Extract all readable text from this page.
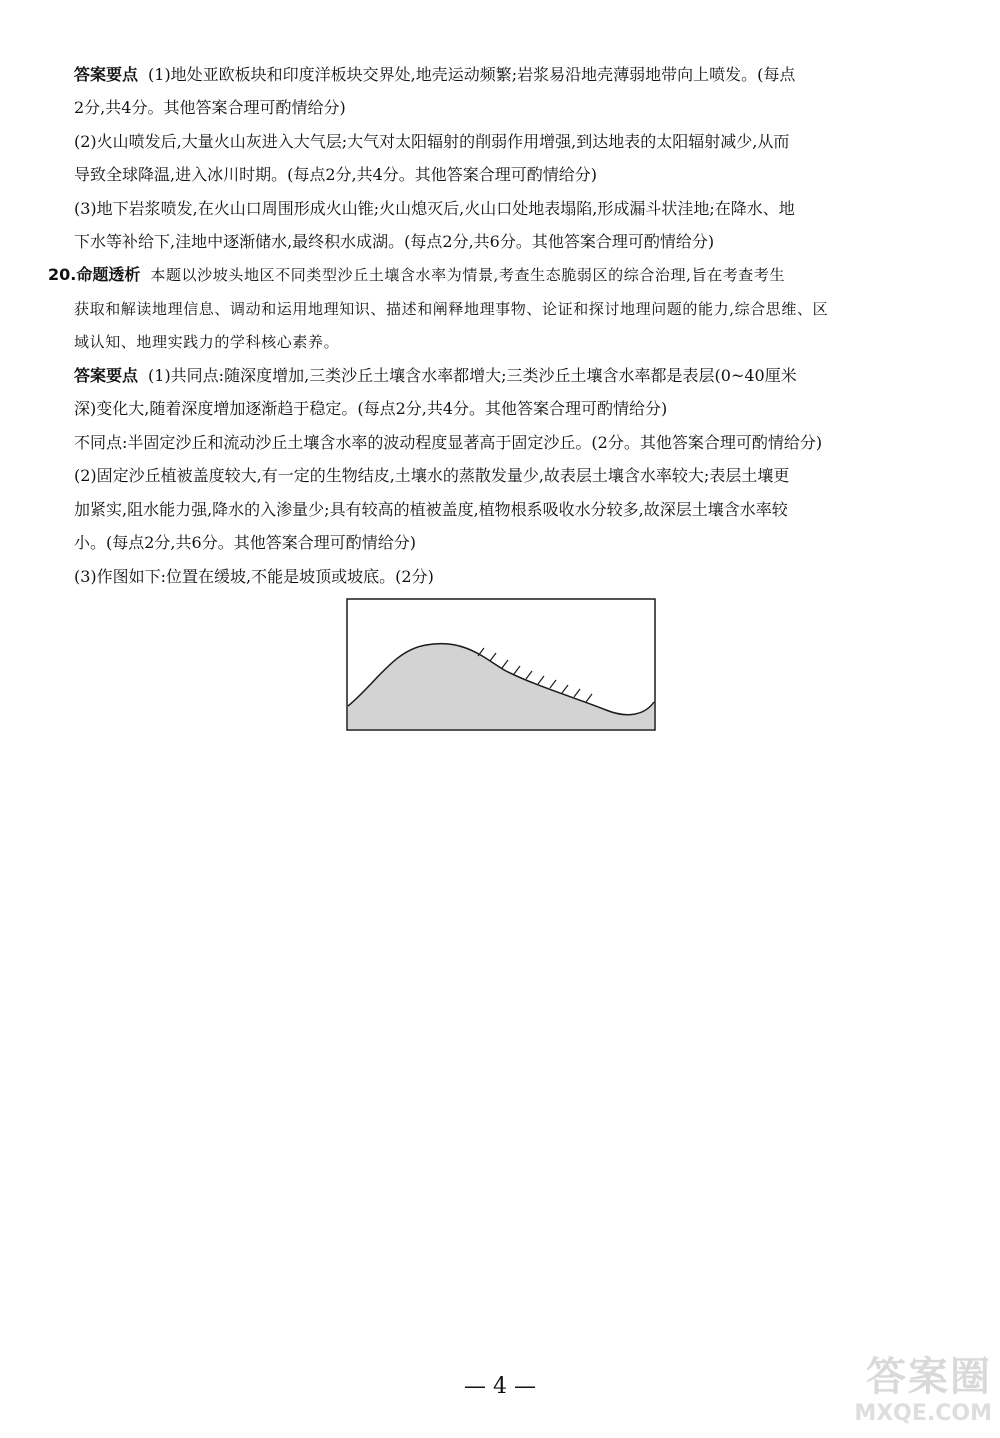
答案要点 (1)地处亚欧板块和印度洋板块交界处,地壳运动频繁;岩浆易沿地壳薄弱地带向上喷发。(每点
2分,共4分。其他答案合理可酌情给分)
(2)火山喷发后,大量火山灰进入大气层;大气对太阳辐射的削弱作用增强,到达地表的太阳辐射减少,从而
导致全球降温,进入冰川时期。(每点2分,共4分。其他答案合理可酌情给分)
(3)地下岩浆喷发,在火山口周围形成火山锥;火山熄灭后,火山口处地表塌陷,形成漏斗状洼地;在降水、地
下水等补给下,洼地中逐渐储水,最终积水成湖。(每点2分,共6分。其他答案合理可酌情给分)
20.命题透析 本题以沙坡头地区不同类型沙丘土壤含水率为情景,考查生态脆弱区的综合治理,旨在考查考生
获取和解读地理信息、调动和运用地理知识、描述和阐释地理事物、论证和探讨地理问题的能力,综合思维、区
域认知、地理实践力的学科核心素养。
答案要点 (1)共同点:随深度增加,三类沙丘土壤含水率都增大;三类沙丘土壤含水率都是表层(0~40厘米
深)变化大,随着深度增加逐渐趋于稳定。(每点2分,共4分。其他答案合理可酌情给分)
不同点:半固定沙丘和流动沙丘土壤含水率的波动程度显著高于固定沙丘。(2分。其他答案合理可酌情给分)
(2)固定沙丘植被盖度较大,有一定的生物结皮,土壤水的蒸散发量少,故表层土壤含水率较大;表层土壤更
加紧实,阻水能力强,降水的入渗量少;具有较高的植被盖度,植物根系吸收水分较多,故深层土壤含水率较
小。(每点2分,共6分。其他答案合理可酌情给分)
(3)作图如下:位置在缓坡,不能是坡顶或坡底。(2分)
— 4 —	答案圈
MXQE.COM
